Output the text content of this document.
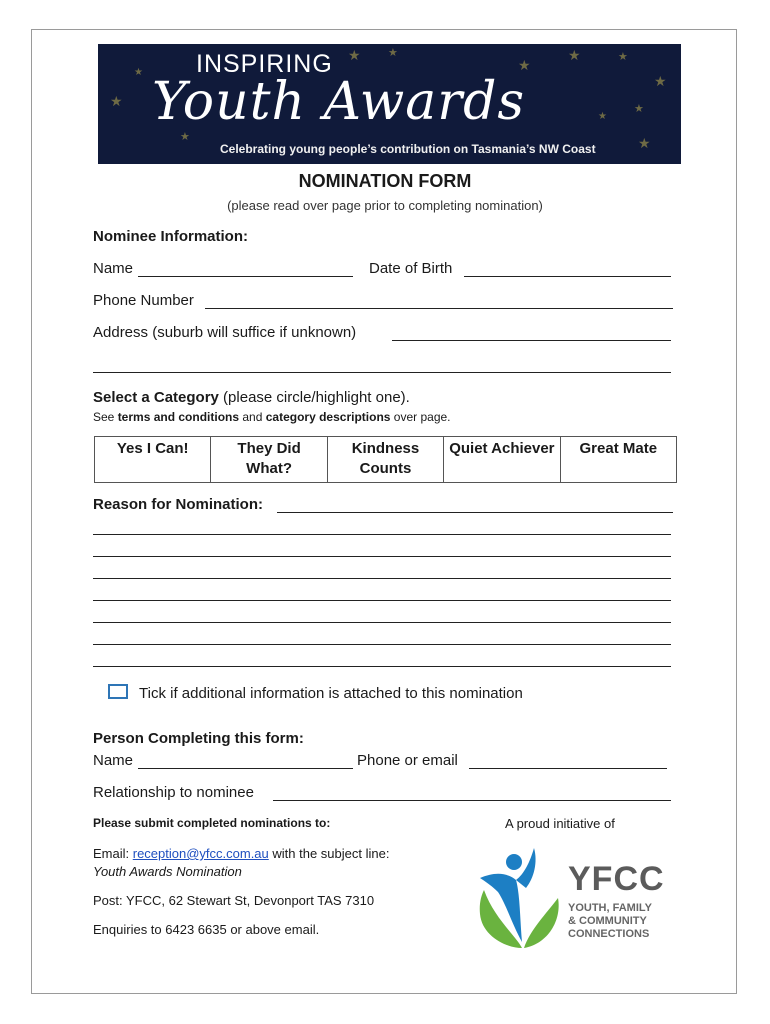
★
★
★
★ ★
★
★	★
★
★
★
★
INSPIRING
Youth Awards
Celebrating young people’s contribution on Tasmania’s NW Coast
NOMINATION FORM
(please read over page prior to completing nomination)
Nominee Information:
Name	Date of Birth
Phone Number
Address (suburb will suffice if unknown)
Select a Category (please circle/highlight one).
See terms and conditions and category descriptions over page.
Yes I Can!	They Did What?	Kindness Counts	Quiet Achiever	Great Mate
Reason for Nomination:
Tick if additional information is attached to this nomination
Person Completing this form:
Name	Phone or email
Relationship to nominee
Please submit completed nominations to:	A proud initiative of
Email: reception@yfcc.com.au with the subject line:
Youth Awards Nomination
Post: YFCC, 62 Stewart St, Devonport TAS 7310
Enquiries to 6423 6635 or above email.
YFCC
YOUTH, FAMILY
& COMMUNITY
CONNECTIONS
